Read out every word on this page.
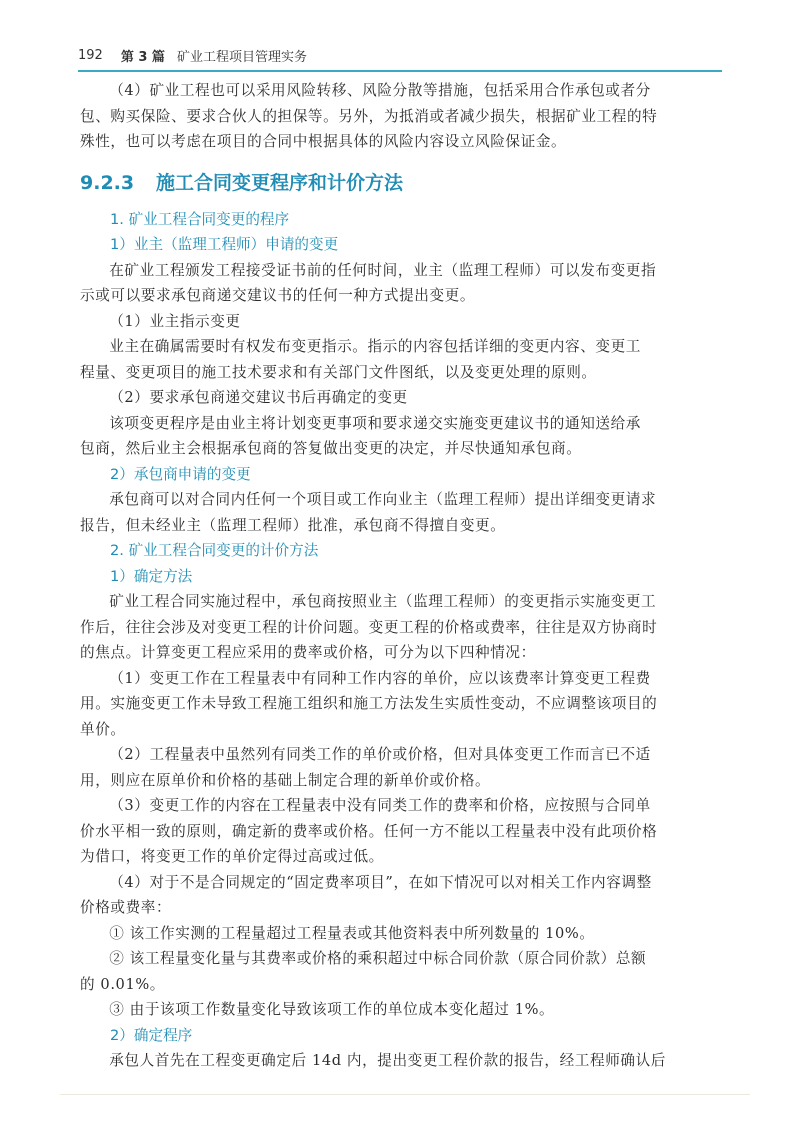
192 第 3 篇 矿业工程项目管理实务

（4）矿业工程也可以采用风险转移、风险分散等措施，包括采用合作承包或者分

包、购买保险、要求合伙人的担保等。另外，为抵消或者减少损失，根据矿业工程的特

殊性，也可以考虑在项目的合同中根据具体的风险内容设立风险保证金。

9.2.3	施工合同变更程序和计价方法

1. 矿业工程合同变更的程序

1）业主（监理工程师）申请的变更

在矿业工程颁发工程接受证书前的任何时间，业主（监理工程师）可以发布变更指

示或可以要求承包商递交建议书的任何一种方式提出变更。

（1）业主指示变更

业主在确属需要时有权发布变更指示。指示的内容包括详细的变更内容、变更工

程量、变更项目的施工技术要求和有关部门文件图纸，以及变更处理的原则。

（2）要求承包商递交建议书后再确定的变更

该项变更程序是由业主将计划变更事项和要求递交实施变更建议书的通知送给承

包商，然后业主会根据承包商的答复做出变更的决定，并尽快通知承包商。

2）承包商申请的变更

承包商可以对合同内任何一个项目或工作向业主（监理工程师）提出详细变更请求

报告，但未经业主（监理工程师）批准，承包商不得擅自变更。

2. 矿业工程合同变更的计价方法

1）确定方法

矿业工程合同实施过程中，承包商按照业主（监理工程师）的变更指示实施变更工

作后，往往会涉及对变更工程的计价问题。变更工程的价格或费率，往往是双方协商时

的焦点。计算变更工程应采用的费率或价格，可分为以下四种情况：

（1）变更工作在工程量表中有同种工作内容的单价，应以该费率计算变更工程费

用。实施变更工作未导致工程施工组织和施工方法发生实质性变动，不应调整该项目的

单价。

（2）工程量表中虽然列有同类工作的单价或价格，但对具体变更工作而言已不适

用，则应在原单价和价格的基础上制定合理的新单价或价格。

（3）变更工作的内容在工程量表中没有同类工作的费率和价格，应按照与合同单

价水平相一致的原则，确定新的费率或价格。任何一方不能以工程量表中没有此项价格

为借口，将变更工作的单价定得过高或过低。

（4）对于不是合同规定的“固定费率项目”，在如下情况可以对相关工作内容调整

价格或费率：

① 该工作实测的工程量超过工程量表或其他资料表中所列数量的 10%。

② 该工程量变化量与其费率或价格的乘积超过中标合同价款（原合同价款）总额

的 0.01%。

③ 由于该项工作数量变化导致该项工作的单位成本变化超过 1%。

2）确定程序

承包人首先在工程变更确定后 14d 内，提出变更工程价款的报告，经工程师确认后
